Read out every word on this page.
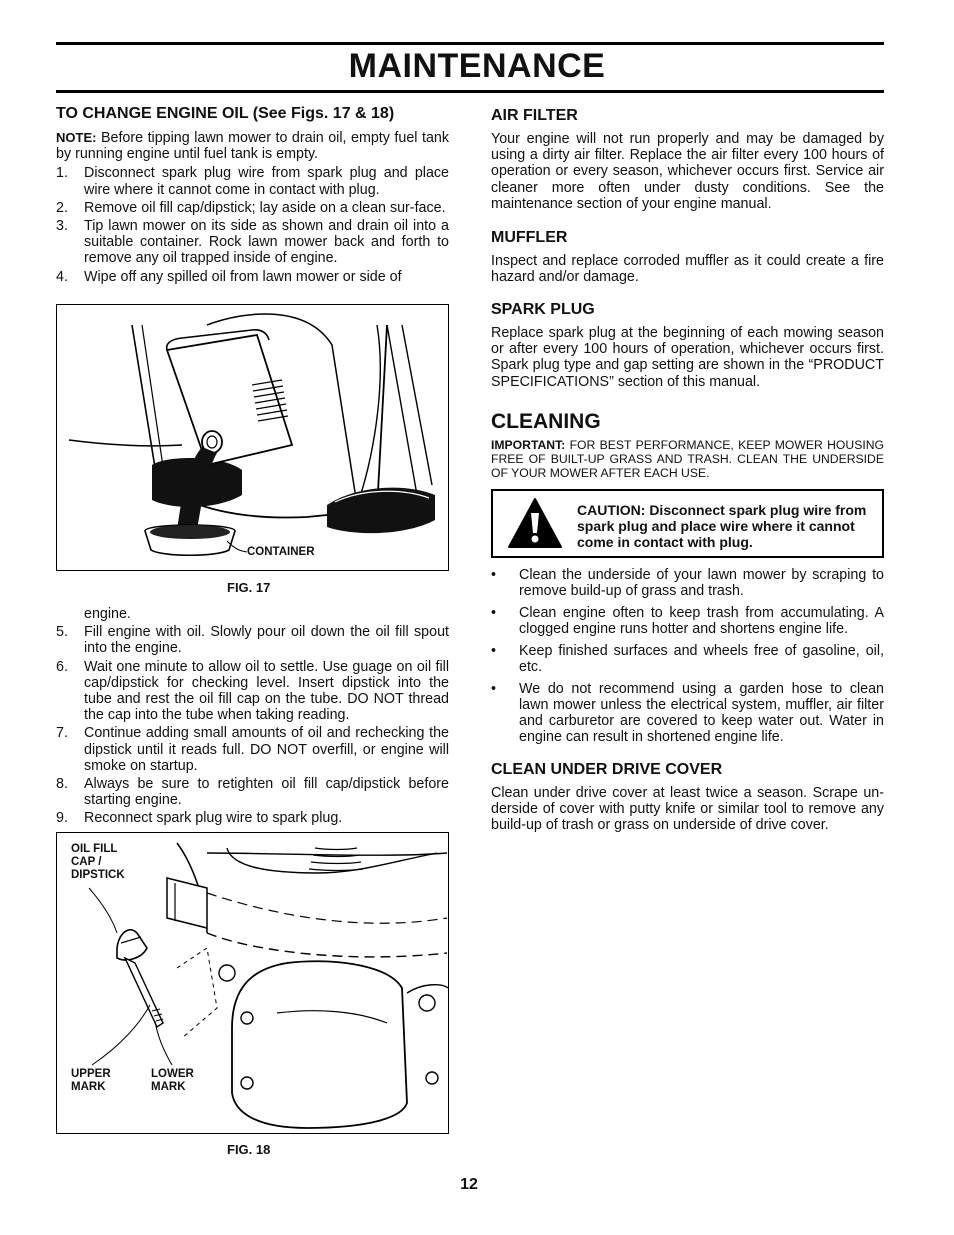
MAINTENANCE
TO CHANGE ENGINE OIL (See Figs. 17 & 18)

NOTE: Before tipping lawn mower to drain oil, empty fuel tank by running engine until fuel tank is empty.

1. Disconnect spark plug wire from spark plug and place wire where it cannot come in contact with plug.
2. Remove oil fill cap/dipstick; lay aside on a clean sur-face.
3. Tip lawn mower on its side as shown and drain oil into a suitable container. Rock lawn mower back and forth to remove any oil trapped inside of engine.
4. Wipe off any spilled oil from lawn mower or side of
CONTAINER
FIG. 17
engine.
5. Fill engine with oil. Slowly pour oil down the oil fill spout into the engine.
6. Wait one minute to allow oil to settle. Use guage on oil fill cap/dipstick for checking level. Insert dipstick into the tube and rest the oil fill cap on the tube. DO NOT thread the cap into the tube when taking reading.
7. Continue adding small amounts of oil and rechecking the dipstick until it reads full. DO NOT overfill, or engine will smoke on startup.
8. Always be sure to retighten oil fill cap/dipstick before starting engine.
9. Reconnect spark plug wire to spark plug.
OIL FILL CAP / DIPSTICK
UPPER MARK
LOWER MARK
FIG. 18
AIR FILTER

Your engine will not run properly and may be damaged by using a dirty air filter. Replace the air filter every 100 hours of operation or every season, whichever occurs first. Service air cleaner more often under dusty conditions. See the maintenance section of your engine manual.

MUFFLER

Inspect and replace corroded muffler as it could create a fire hazard and/or damage.

SPARK PLUG

Replace spark plug at the beginning of each mowing season or after every 100 hours of operation, whichever occurs first. Spark plug type and gap setting are shown in the “PRODUCT SPECIFICATIONS” section of this manual.

CLEANING

IMPORTANT: FOR BEST PERFORMANCE, KEEP MOWER HOUSING FREE OF BUILT-UP GRASS AND TRASH. CLEAN THE UNDERSIDE OF YOUR MOWER AFTER EACH USE.

CAUTION: Disconnect spark plug wire from spark plug and place wire where it cannot come in contact with plug.
• Clean the underside of your lawn mower by scraping to remove build-up of grass and trash.
• Clean engine often to keep trash from accumulating. A clogged engine runs hotter and shortens engine life.
• Keep finished surfaces and wheels free of gasoline, oil, etc.
• We do not recommend using a garden hose to clean lawn mower unless the electrical system, muffler, air filter and carburetor are covered to keep water out. Water in engine can result in shortened engine life.
CLEAN UNDER DRIVE COVER

Clean under drive cover at least twice a season. Scrape un-derside of cover with putty knife or similar tool to remove any build-up of trash or grass on underside of drive cover.

12
